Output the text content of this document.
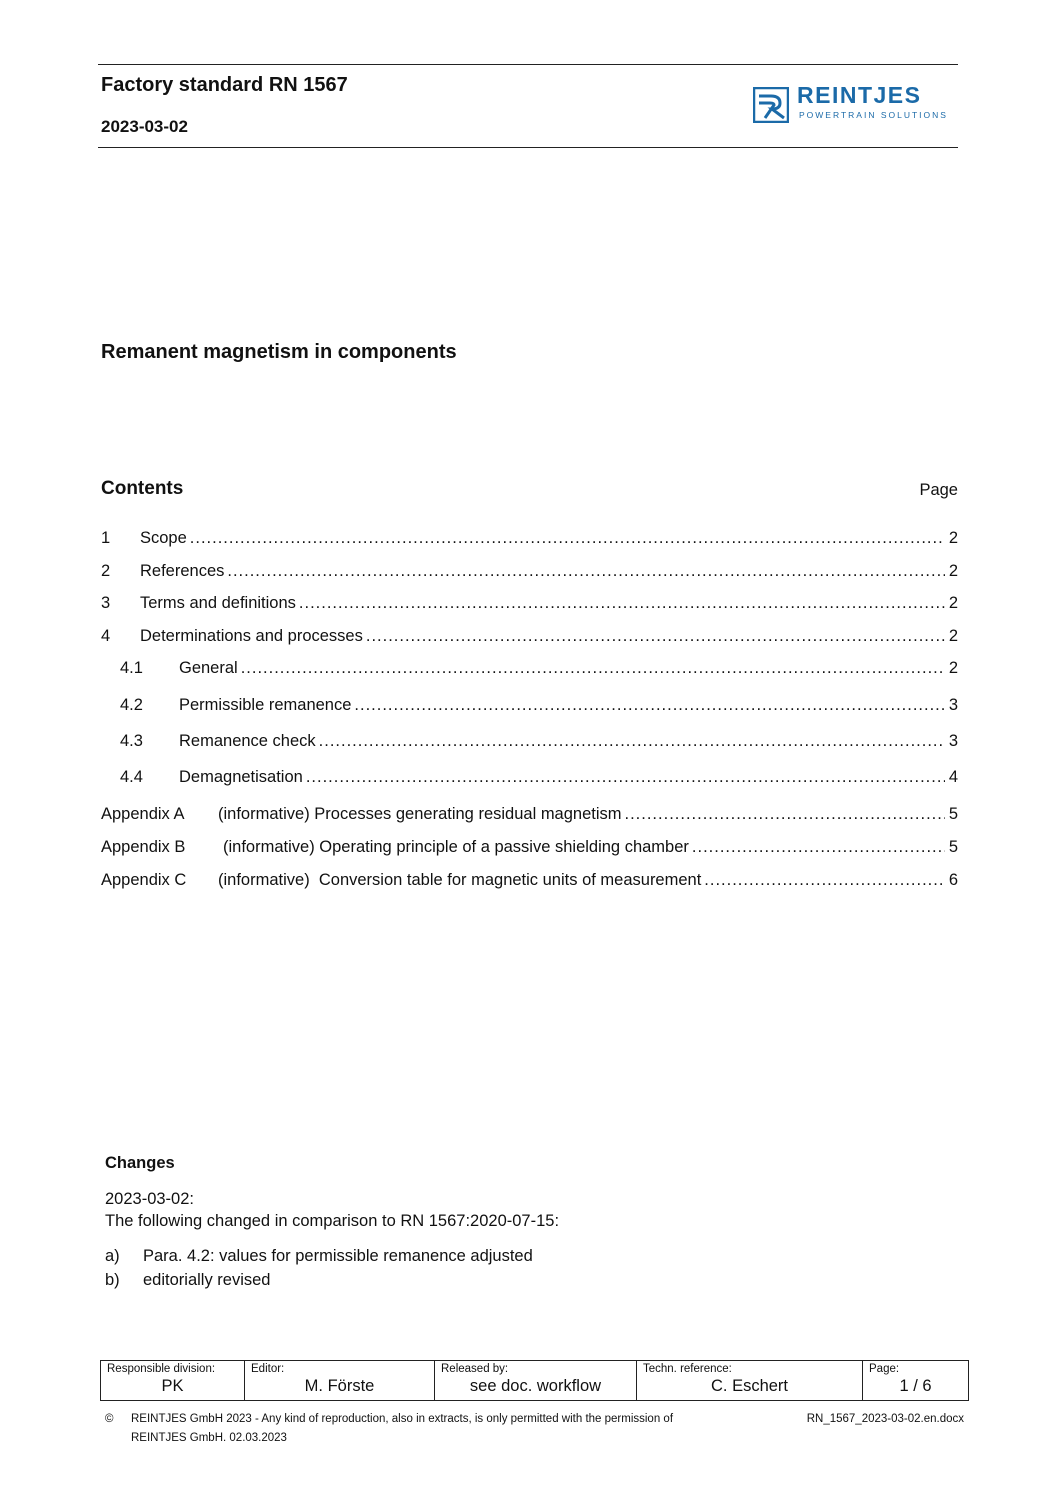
Factory standard RN 1567
2023-03-02
REINTJES
POWERTRAIN SOLUTIONS
Remanent magnetism in components
Contents	Page
1 Scope .....	2
2 References .....	2
3 Terms and definitions .....	2
4 Determinations and processes .....	2
4.1 General .....	2
4.2 Permissible remanence .....	3
4.3 Remanence check .....	3
4.4 Demagnetisation .....	4
Appendix A (informative) Processes generating residual magnetism .....	5
Appendix B (informative) Operating principle of a passive shielding chamber .....	5
Appendix C (informative)  Conversion table for magnetic units of measurement .....	6
Changes
2023-03-02:
The following changed in comparison to RN 1567:2020-07-15:
a) Para. 4.2: values for permissible remanence adjusted
b) editorially revised
Responsible division:
PK

Editor:
M. Förste

Released by:
see doc. workflow

Techn. reference:
C. Eschert

Page:
1 / 6
© REINTJES GmbH 2023 - Any kind of reproduction, also in extracts, is only permitted with the permission of REINTJES GmbH. 02.03.2023
RN_1567_2023-03-02.en.docx
